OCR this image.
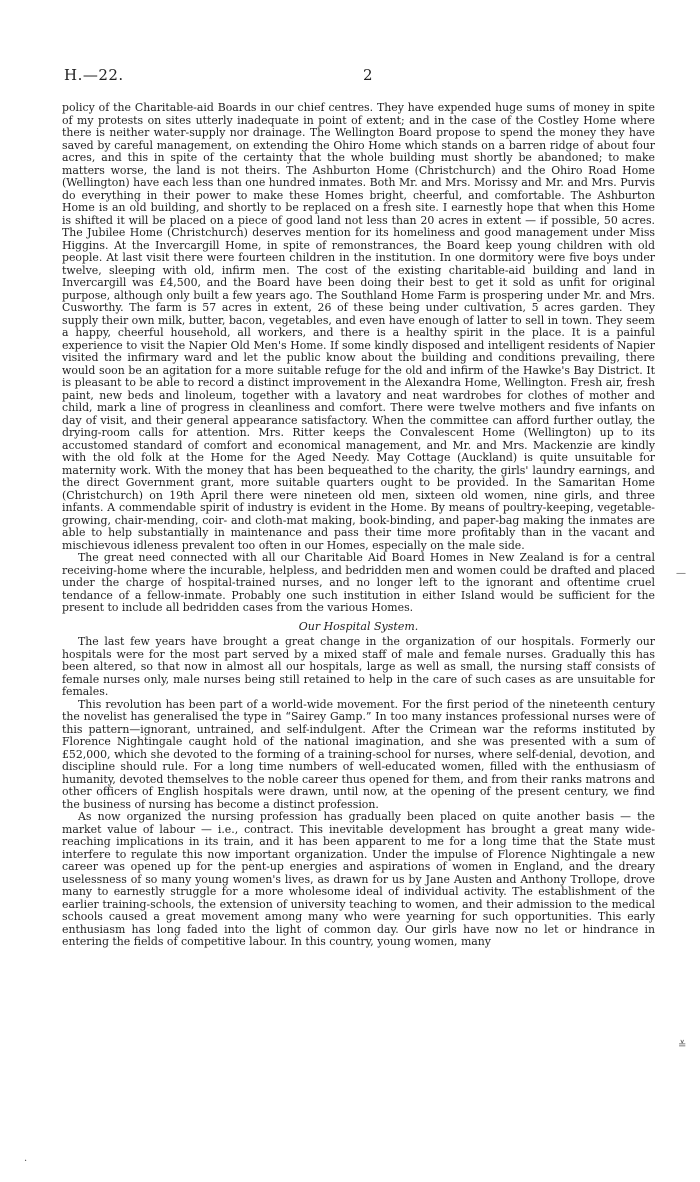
H.—22.	2

policy of the Charitable-aid Boards in our chief centres. They have expended huge sums of money in spite of my protests on sites utterly inadequate in point of extent; and in the case of the Costley Home where there is neither water-supply nor drainage. The Wellington Board propose to spend the money they have saved by careful management, on extending the Ohiro Home which stands on a barren ridge of about four acres, and this in spite of the certainty that the whole building must shortly be abandoned; to make matters worse, the land is not theirs. The Ashburton Home (Christchurch) and the Ohiro Road Home (Wellington) have each less than one hundred inmates. Both Mr. and Mrs. Morissy and Mr. and Mrs. Purvis do everything in their power to make these Homes bright, cheerful, and comfortable. The Ashburton Home is an old building, and shortly to be replaced on a fresh site. I earnestly hope that when this Home is shifted it will be placed on a piece of good land not less than 20 acres in extent — if possible, 50 acres. The Jubilee Home (Christchurch) deserves mention for its homeliness and good management under Miss Higgins. At the Invercargill Home, in spite of remonstrances, the Board keep young children with old people. At last visit there were fourteen children in the institution. In one dormitory were five boys under twelve, sleeping with old, infirm men. The cost of the existing charitable-aid building and land in Invercargill was £4,500, and the Board have been doing their best to get it sold as unfit for original purpose, although only built a few years ago. The Southland Home Farm is prospering under Mr. and Mrs. Cusworthy. The farm is 57 acres in extent, 26 of these being under cultivation, 5 acres garden. They supply their own milk, butter, bacon, vegetables, and even have enough of latter to sell in town. They seem a happy, cheerful household, all workers, and there is a healthy spirit in the place. It is a painful experience to visit the Napier Old Men's Home. If some kindly disposed and intelligent residents of Napier visited the infirmary ward and let the public know about the building and conditions prevailing, there would soon be an agitation for a more suitable refuge for the old and infirm of the Hawke's Bay District. It is pleasant to be able to record a distinct improvement in the Alexandra Home, Wellington. Fresh air, fresh paint, new beds and linoleum, together with a lavatory and neat wardrobes for clothes of mother and child, mark a line of progress in cleanliness and comfort. There were twelve mothers and five infants on day of visit, and their general appearance satisfactory. When the committee can afford further outlay, the drying-room calls for attention. Mrs. Ritter keeps the Convalescent Home (Wellington) up to its accustomed standard of comfort and economical management, and Mr. and Mrs. Mackenzie are kindly with the old folk at the Home for the Aged Needy. May Cottage (Auckland) is quite unsuitable for maternity work. With the money that has been bequeathed to the charity, the girls' laundry earnings, and the direct Government grant, more suitable quarters ought to be provided. In the Samaritan Home (Christchurch) on 19th April there were nineteen old men, sixteen old women, nine girls, and three infants. A commendable spirit of industry is evident in the Home. By means of poultry-keeping, vegetable-growing, chair-mending, coir- and cloth-mat making, book-binding, and paper-bag making the inmates are able to help substantially in maintenance and pass their time more profitably than in the vacant and mischievous idleness prevalent too often in our Homes, especially on the male side.

The great need connected with all our Charitable Aid Board Homes in New Zealand is for a central receiving-home where the incurable, helpless, and bedridden men and women could be drafted and placed under the charge of hospital-trained nurses, and no longer left to the ignorant and oftentime cruel tendance of a fellow-inmate. Probably one such institution in either Island would be sufficient for the present to include all bedridden cases from the various Homes.

Our Hospital System.

The last few years have brought a great change in the organization of our hospitals. Formerly our hospitals were for the most part served by a mixed staff of male and female nurses. Gradually this has been altered, so that now in almost all our hospitals, large as well as small, the nursing staff consists of female nurses only, male nurses being still retained to help in the care of such cases as are unsuitable for females.

This revolution has been part of a world-wide movement. For the first period of the nineteenth century the novelist has generalised the type in “Sairey Gamp.” In too many instances professional nurses were of this pattern—ignorant, untrained, and self-indulgent. After the Crimean war the reforms instituted by Florence Nightingale caught hold of the national imagination, and she was presented with a sum of £52,000, which she devoted to the forming of a training-school for nurses, where self-denial, devotion, and discipline should rule. For a long time numbers of well-educated women, filled with the enthusiasm of humanity, devoted themselves to the noble career thus opened for them, and from their ranks matrons and other officers of English hospitals were drawn, until now, at the opening of the present century, we find the business of nursing has become a distinct profession.

As now organized the nursing profession has gradually been placed on quite another basis — the market value of labour — i.e., contract. This inevitable development has brought a great many wide-reaching implications in its train, and it has been apparent to me for a long time that the State must interfere to regulate this now important organization. Under the impulse of Florence Nightingale a new career was opened up for the pent-up energies and aspirations of women in England, and the dreary uselessness of so many young women's lives, as drawn for us by Jane Austen and Anthony Trollope, drove many to earnestly struggle for a more wholesome ideal of individual activity. The establishment of the earlier training-schools, the extension of university teaching to women, and their admission to the medical schools caused a great movement among many who were yearning for such opportunities. This early enthusiasm has long faded into the light of common day. Our girls have now no let or hindrance in entering the fields of competitive labour. In this country, young women, many

—
≚
·
